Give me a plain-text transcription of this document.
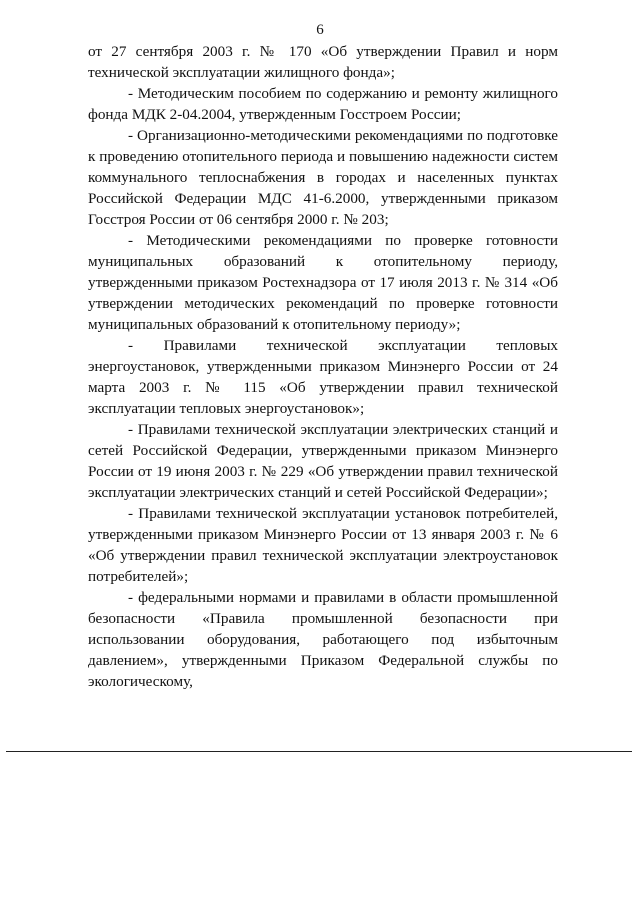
6

от 27 сентября 2003 г. № 170 «Об утверждении Правил и норм технической эксплуатации жилищного фонда»;

- Методическим пособием по содержанию и ремонту жилищного фонда МДК 2-04.2004, утвержденным Госстроем России;

- Организационно-методическими рекомендациями по подготовке к проведению отопительного периода и повышению надежности систем коммунального теплоснабжения в городах и населенных пунктах Российской Федерации МДС 41-6.2000, утвержденными приказом Госстроя России от 06 сентября 2000 г. № 203;

- Методическими рекомендациями по проверке готовности муниципальных образований к отопительному периоду, утвержденными приказом Ростехнадзора от 17 июля 2013 г. № 314 «Об утверждении методических рекомендаций по проверке готовности муниципальных образований к отопительному периоду»;

- Правилами технической эксплуатации тепловых энергоустановок, утвержденными приказом Минэнерго России от 24 марта 2003 г. № 115 «Об утверждении правил технической эксплуатации тепловых энергоустановок»;

- Правилами технической эксплуатации электрических станций и сетей Российской Федерации, утвержденными приказом Минэнерго России от 19 июня 2003 г. № 229 «Об утверждении правил технической эксплуатации электрических станций и сетей Российской Федерации»;

- Правилами технической эксплуатации установок потребителей, утвержденными приказом Минэнерго России от 13 января 2003 г. № 6 «Об утверждении правил технической эксплуатации электроустановок потребителей»;

- федеральными нормами и правилами в области промышленной безопасности «Правила промышленной безопасности при использовании оборудования, работающего под избыточным давлением», утвержденными Приказом Федеральной службы по экологическому,
